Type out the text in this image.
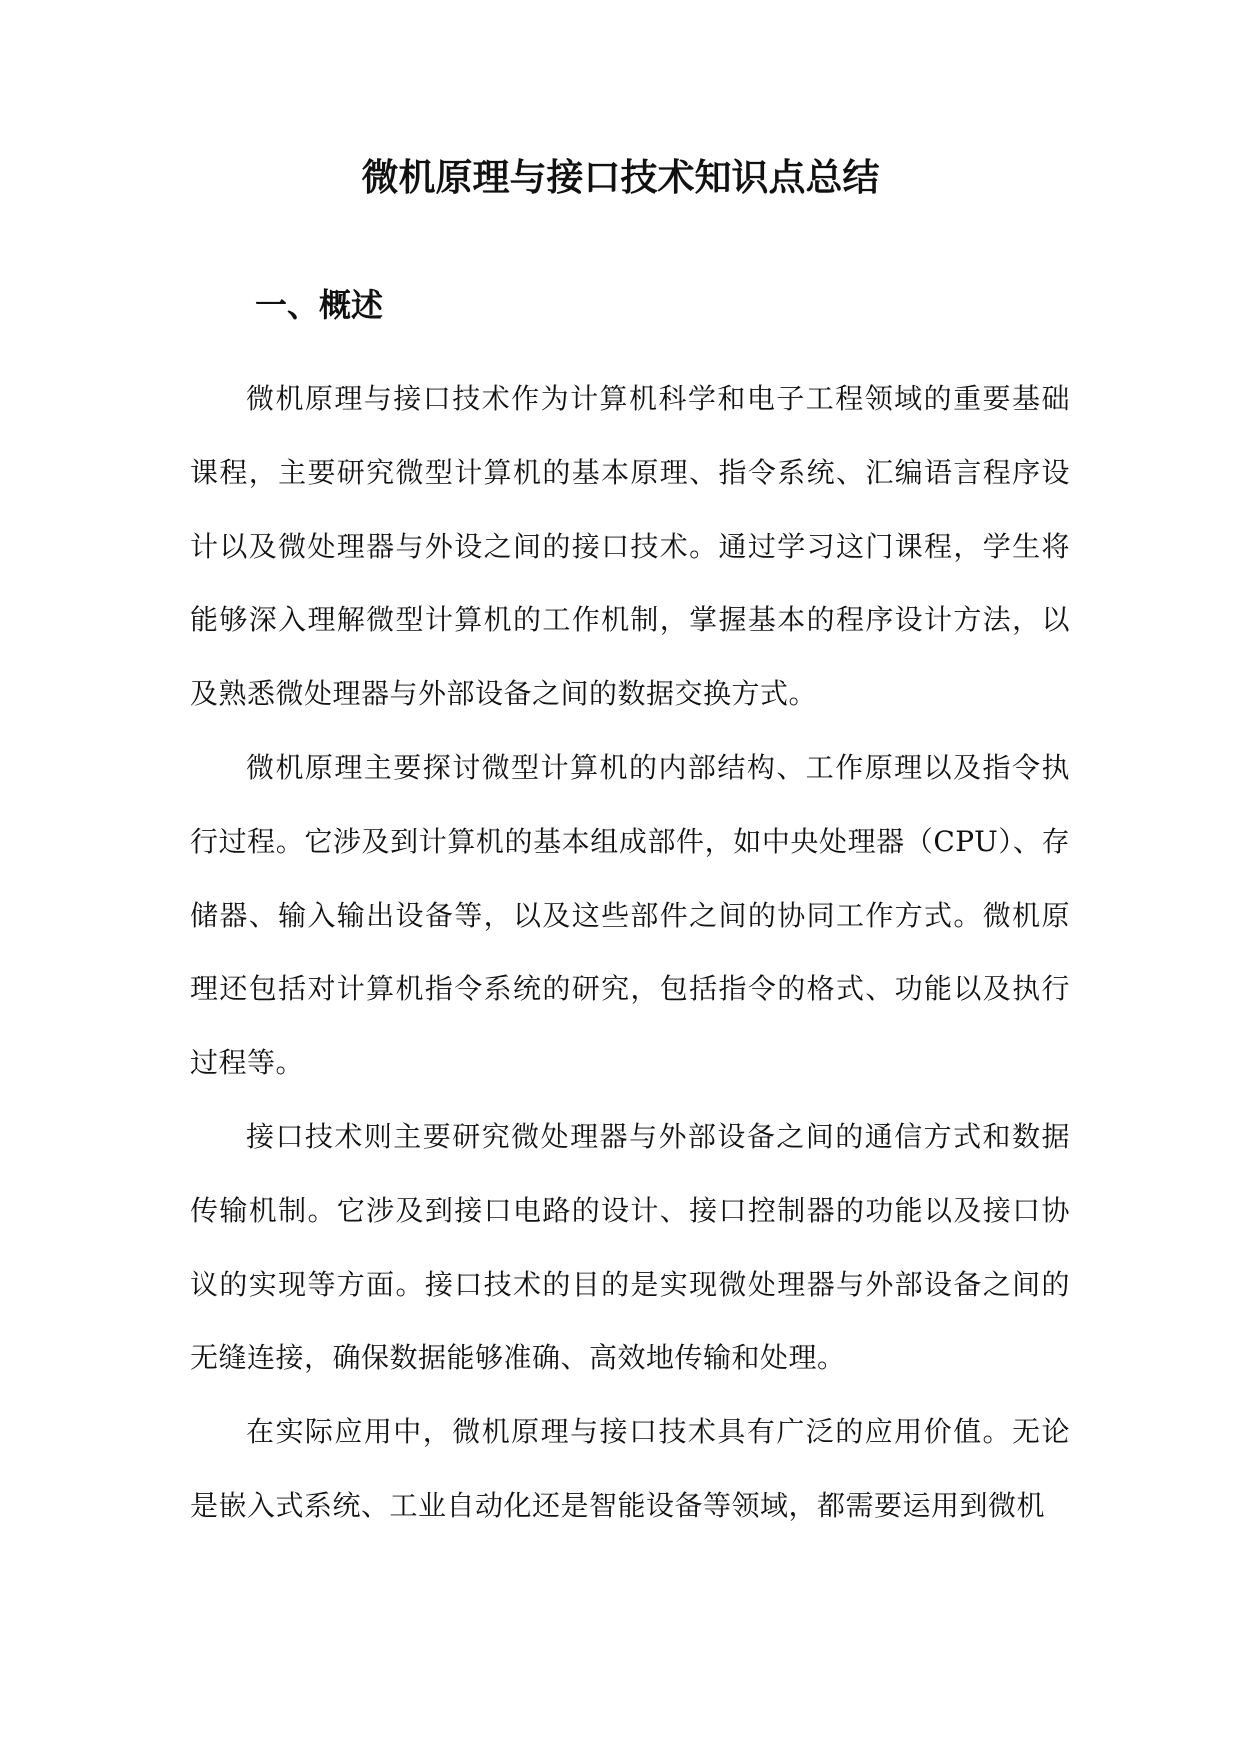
微机原理与接口技术知识点总结
一、概述

微机原理与接口技术作为计算机科学和电子工程领域的重要基础课程，主要研究微型计算机的基本原理、指令系统、汇编语言程序设计以及微处理器与外设之间的接口技术。通过学习这门课程，学生将能够深入理解微型计算机的工作机制，掌握基本的程序设计方法，以及熟悉微处理器与外部设备之间的数据交换方式。

微机原理主要探讨微型计算机的内部结构、工作原理以及指令执行过程。它涉及到计算机的基本组成部件，如中央处理器（CPU）、存储器、输入输出设备等，以及这些部件之间的协同工作方式。微机原理还包括对计算机指令系统的研究，包括指令的格式、功能以及执行过程等。

接口技术则主要研究微处理器与外部设备之间的通信方式和数据传输机制。它涉及到接口电路的设计、接口控制器的功能以及接口协议的实现等方面。接口技术的目的是实现微处理器与外部设备之间的无缝连接，确保数据能够准确、高效地传输和处理。

在实际应用中，微机原理与接口技术具有广泛的应用价值。无论是嵌入式系统、工业自动化还是智能设备等领域，都需要运用到微机
